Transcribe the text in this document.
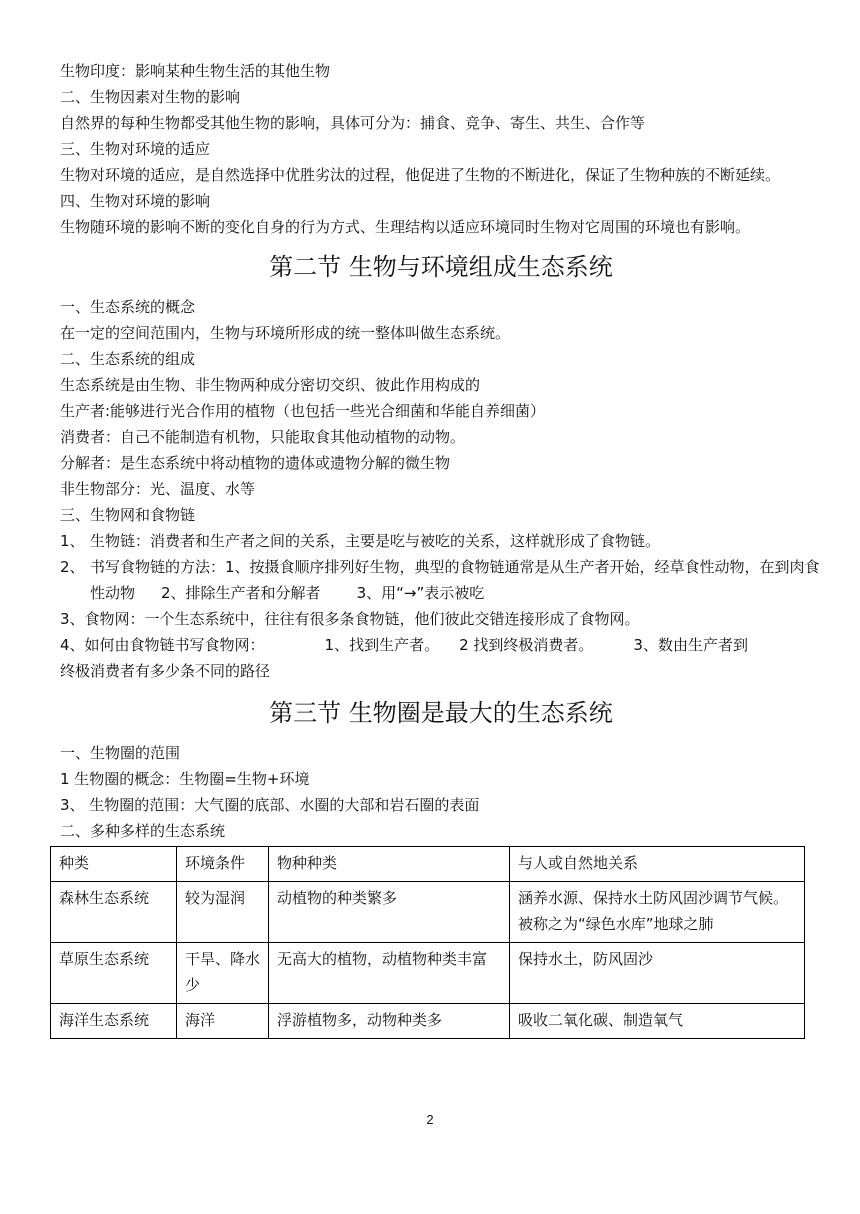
生物印度：影响某种生物生活的其他生物
二、生物因素对生物的影响
自然界的每种生物都受其他生物的影响，具体可分为：捕食、竞争、寄生、共生、合作等
三、生物对环境的适应
生物对环境的适应，是自然选择中优胜劣汰的过程，他促进了生物的不断进化，保证了生物种族的不断延续。
四、生物对环境的影响
生物随环境的影响不断的变化自身的行为方式、生理结构以适应环境同时生物对它周围的环境也有影响。
第二节 生物与环境组成生态系统
一、生态系统的概念
在一定的空间范围内，生物与环境所形成的统一整体叫做生态系统。
二、生态系统的组成
生态系统是由生物、非生物两种成分密切交织、彼此作用构成的
生产者:能够进行光合作用的植物（也包括一些光合细菌和华能自养细菌）
消费者：自己不能制造有机物，只能取食其他动植物的动物。
分解者：是生态系统中将动植物的遗体或遗物分解的微生物
非生物部分：光、温度、水等
三、生物网和食物链
1、 生物链：消费者和生产者之间的关系，主要是吃与被吃的关系，这样就形成了食物链。
2、 书写食物链的方法：1、按摄食顺序排列好生物，典型的食物链通常是从生产者开始，经草食性动物，在到肉食性动物 2、排除生产者和分解者 3、用“→”表示被吃
3、食物网：一个生态系统中，往往有很多条食物链，他们彼此交错连接形成了食物网。
4、如何由食物链书写食物网：	1、找到生产者。 2 找到终极消费者。	3、数由生产者到
终极消费者有多少条不同的路径
第三节 生物圈是最大的生态系统
一、生物圈的范围
1 生物圈的概念：生物圈=生物+环境
3、 生物圈的范围：大气圈的底部、水圈的大部和岩石圈的表面
二、多种多样的生态系统
种类	环境条件	物种种类	与人或自然地关系
森林生态系统	较为湿润	动植物的种类繁多	涵养水源、保持水土防风固沙调节气候。被称之为“绿色水库”地球之肺
草原生态系统	干旱、降水少	无高大的植物，动植物种类丰富	保持水土，防风固沙
海洋生态系统	海洋	浮游植物多，动物种类多	吸收二氧化碳、制造氧气
2
